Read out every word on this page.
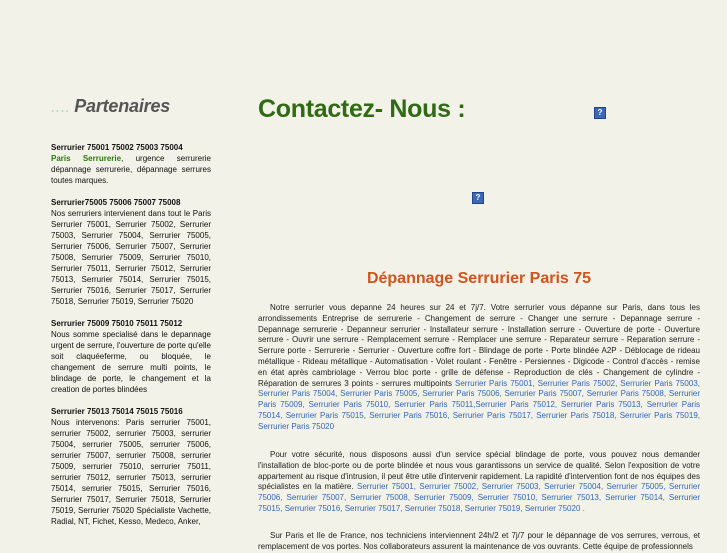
.... Partenaires
Serrurier 75001 75002 75003 75004
Paris Serrurerie, urgence serrurerie dépannage serrurerie, dépannage serrures toutes marques.
Serrurier75005 75006 75007 75008
Nos serruriers intervienent dans tout le Paris Serrurier 75001, Serrurier 75002, Serrurier 75003, Serrurier 75004, Serrurier 75005, Serrurier 75006, Serrurier 75007, Serrurier 75008, Serrurier 75009, Serrurier 75010, Serrurier 75011, Serrurier 75012, Serrurier 75013, Serrurier 75014, Serrurier 75015, Serrurier 75016, Serrurier 75017, Serrurier 75018, Serrurier 75019, Serrurier 75020
Serrurier 75009 75010 75011 75012
Nous somme specialisé dans le depannage urgent de serrure, l'ouverture de porte qu'elle soit claquéeferme, ou bloquée, le changement de serrure multi points, le blindage de porte, le changement et la creation de portes blindées
Serrurier 75013 75014 75015 75016
Nous intervenons: Paris serrurier 75001, serrurier 75002, serrurier 75003, serrurier 75004, serrurier 75005, serrurier 75006, serrurier 75007, serrurier 75008, serrurier 75009, serrurier 75010, serrurier 75011, serrurier 75012, serrurier 75013, serrurier 75014, serrurier 75015, Serrurier 75016, Serrurier 75017, Serrurier 75018, Serrurier 75019, Serrurier 75020 Spécialiste Vachette, Radial, NT, Fichet, Kesso, Medeco, Anker,
Contactez- Nous :	?
?
Dépannage Serrurier Paris 75
Notre serrurier vous depanne 24 heures sur 24 et 7j/7. Votre serrurier vous dépanne sur Paris, dans tous les arrondissements Entreprise de serrurerie - Changement de serrure - Changer une serrure - Depannage serrure - Depannage serrurerie - Depanneur serrurier - Installateur serrure - Installation serrure - Ouverture de porte - Ouverture serrure - Ouvrir une serrure - Remplacement serrure - Remplacer une serrure - Reparateur serrure - Reparation serrure - Serrure porte - Serrurerie - Serrurier - Ouverture coffre fort - Blindage de porte - Porte blindée A2P - Déblocage de rideau métallique - Rideau métallique - Automatisation - Volet roulant - Fenêtre - Persiennes - Digicode - Control d'accès - remise en état après cambriolage - Verrou bloc porte - grille de défense - Reproduction de clés - Changement de cylindre - Réparation de serrures 3 points - serrures multipoints Serrurier Paris 75001, Serrurier Paris 75002, Serrurier Paris 75003, Serrurier Paris 75004, Serrurier Paris 75005, Serrurier Paris 75006, Serrurier Paris 75007, Serrurier Paris 75008, Serrurier Paris 75009, Serrurier Paris 75010, Serrurier Paris 75011,Serrurier Paris 75012, Serrurier Paris 75013, Serrurier Paris 75014, Serrurier Paris 75015, Serrurier Paris 75016, Serrurier Paris 75017, Serrurier Paris 75018, Serrurier Paris 75019, Serrurier Paris 75020
Pour votre sécurité, nous disposons aussi d'un service spécial blindage de porte, vous pouvez nous demander l'installation de bloc-porte ou de porte blindée et nous vous garantissons un service de qualité. Selon l'exposition de votre appartement au risque d'intrusion, il peut être utile d'intervenir rapidement. La rapidité d'intervention font de nos équipes des spécialistes en la matière. Serrurier 75001, Serrurier 75002, Serrurier 75003, Serrurier 75004, Serrurier 75005, Serrurier 75006, Serrurier 75007, Serrurier 75008, Serrurier 75009, Serrurier 75010, Serrurier 75013, Serrurier 75014, Serrurier 75015, Serrurier 75016, Serrurier 75017, Serrurier 75018, Serrurier 75019, Serrurier 75020 .
Sur Paris et Ile de France, nos techniciens interviennent 24h/2 et 7j/7 pour le dépannage de vos serrures, verrous, et remplacement de vos portes. Nos collaborateurs assurent la maintenance de vos ouvrants. Cette équipe de professionnels
